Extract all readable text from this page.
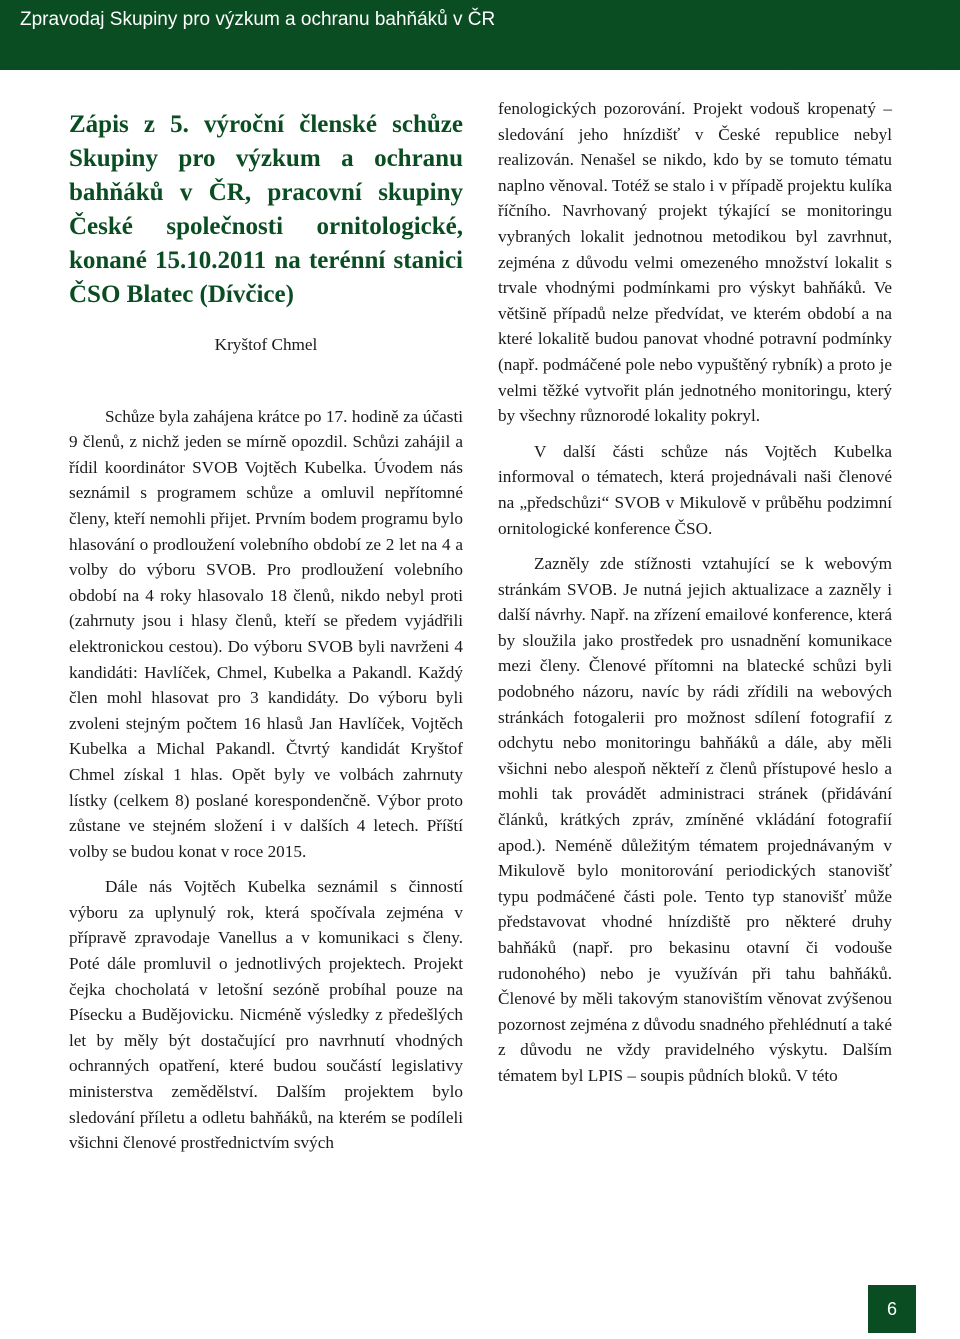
Zpravodaj Skupiny pro výzkum a ochranu bahňáků v ČR
Vanellus 7
Zápis z 5. výroční členské schůze Skupiny pro výzkum a ochranu bahňáků v ČR, pracovní skupiny České společnosti ornitologické, konané 15.10.2011 na terénní stanici ČSO Blatec (Dívčice)

Kryštof Chmel

Schůze byla zahájena krátce po 17. hodině za účasti 9 členů, z nichž jeden se mírně opozdil. Schůzi zahájil a řídil koordinátor SVOB Vojtěch Kubelka. Úvodem nás seznámil s programem schůze a omluvil nepřítomné členy, kteří nemohli přijet. Prvním bodem programu bylo hlasování o prodloužení volebního období ze 2 let na 4 a volby do výboru SVOB. Pro prodloužení volebního období na 4 roky hlasovalo 18 členů, nikdo nebyl proti (zahrnuty jsou i hlasy členů, kteří se předem vyjádřili elektronickou cestou). Do výboru SVOB byli navrženi 4 kandidáti: Havlíček, Chmel, Kubelka a Pakandl. Každý člen mohl hlasovat pro 3 kandidáty. Do výboru byli zvoleni stejným počtem 16 hlasů Jan Havlíček, Vojtěch Kubelka a Michal Pakandl. Čtvrtý kandidát Kryštof Chmel získal 1 hlas. Opět byly ve volbách zahrnuty lístky (celkem 8) poslané korespondenčně. Výbor proto zůstane ve stejném složení i v dalších 4 letech. Příští volby se budou konat v roce 2015.

Dále nás Vojtěch Kubelka seznámil s činností výboru za uplynulý rok, která spočívala zejména v přípravě zpravodaje Vanellus a v komunikaci s členy. Poté dále promluvil o jednotlivých projektech. Projekt čejka chocholatá v letošní sezóně probíhal pouze na Písecku a Budějovicku. Nicméně výsledky z předešlých let by měly být dostačující pro navrhnutí vhodných ochranných opatření, které budou součástí legislativy ministerstva zemědělství. Dalším projektem bylo sledování příletu a odletu bahňáků, na kterém se podíleli všichni členové prostřednictvím svých

fenologických pozorování. Projekt vodouš kropenatý – sledování jeho hnízdišť v České republice nebyl realizován. Nenašel se nikdo, kdo by se tomuto tématu naplno věnoval. Totéž se stalo i v případě projektu kulíka říčního. Navrhovaný projekt týkající se monitoringu vybraných lokalit jednotnou metodikou byl zavrhnut, zejména z důvodu velmi omezeného množství lokalit s trvale vhodnými podmínkami pro výskyt bahňáků. Ve většině případů nelze předvídat, ve kterém období a na které lokalitě budou panovat vhodné potravní podmínky (např. podmáčené pole nebo vypuštěný rybník) a proto je velmi těžké vytvořit plán jednotného monitoringu, který by všechny různorodé lokality pokryl.

V další části schůze nás Vojtěch Kubelka informoval o tématech, která projednávali naši členové na „předschůzi“ SVOB v Mikulově v průběhu podzimní ornitologické konference ČSO.

Zazněly zde stížnosti vztahující se k webovým stránkám SVOB. Je nutná jejich aktualizace a zazněly i další návrhy. Např. na zřízení emailové konference, která by sloužila jako prostředek pro usnadnění komunikace mezi členy. Členové přítomni na blatecké schůzi byli podobného názoru, navíc by rádi zřídili na webových stránkách fotogalerii pro možnost sdílení fotografií z odchytu nebo monitoringu bahňáků a dále, aby měli všichni nebo alespoň někteří z členů přístupové heslo a mohli tak provádět administraci stránek (přidávání článků, krátkých zpráv, zmíněné vkládání fotografií apod.). Neméně důležitým tématem projednávaným v Mikulově bylo monitorování periodických stanovišť typu podmáčené části pole. Tento typ stanovišť může představovat vhodné hnízdiště pro některé druhy bahňáků (např. pro bekasinu otavní či vodouše rudonohého) nebo je využíván při tahu bahňáků. Členové by měli takovým stanovištím věnovat zvýšenou pozornost zejména z důvodu snadného přehlédnutí a také z důvodu ne vždy pravidelného výskytu. Dalším tématem byl LPIS – soupis půdních bloků. V této

6
